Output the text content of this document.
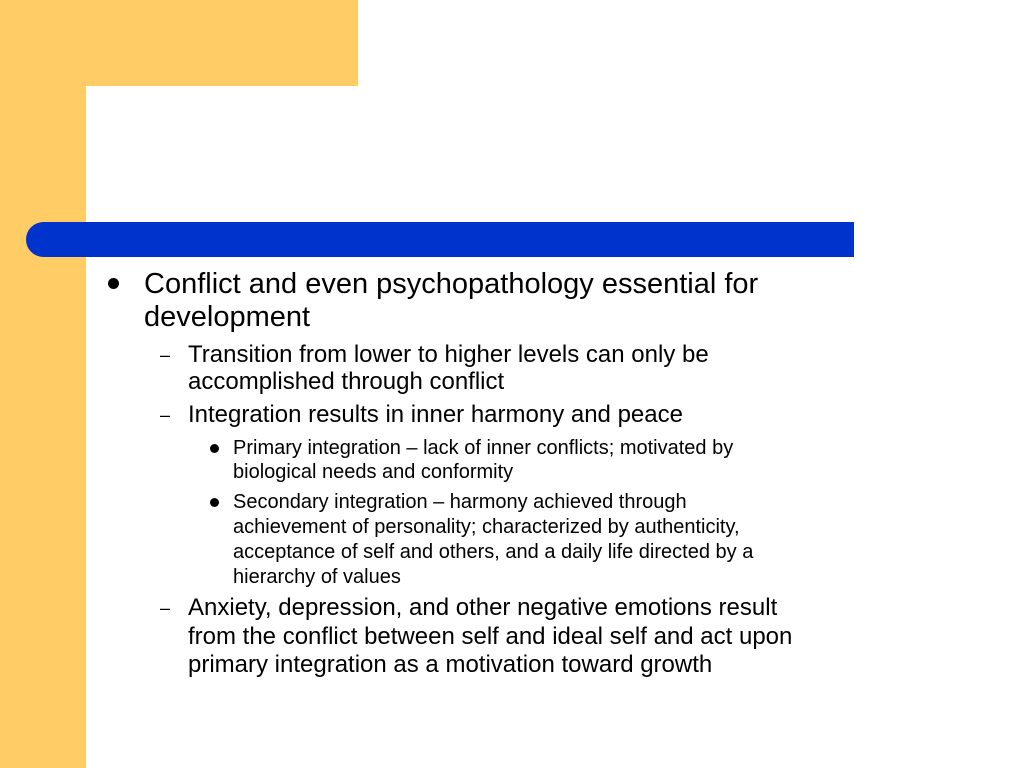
Conflict and even psychopathology essential for
development
– Transition from lower to higher levels can only be
accomplished through conflict
– Integration results in inner harmony and peace
Primary integration – lack of inner conflicts; motivated by
biological needs and conformity
Secondary integration – harmony achieved through
achievement of personality; characterized by authenticity,
acceptance of self and others, and a daily life directed by a
hierarchy of values
– Anxiety, depression, and other negative emotions result
from the conflict between self and ideal self and act upon
primary integration as a motivation toward growth
